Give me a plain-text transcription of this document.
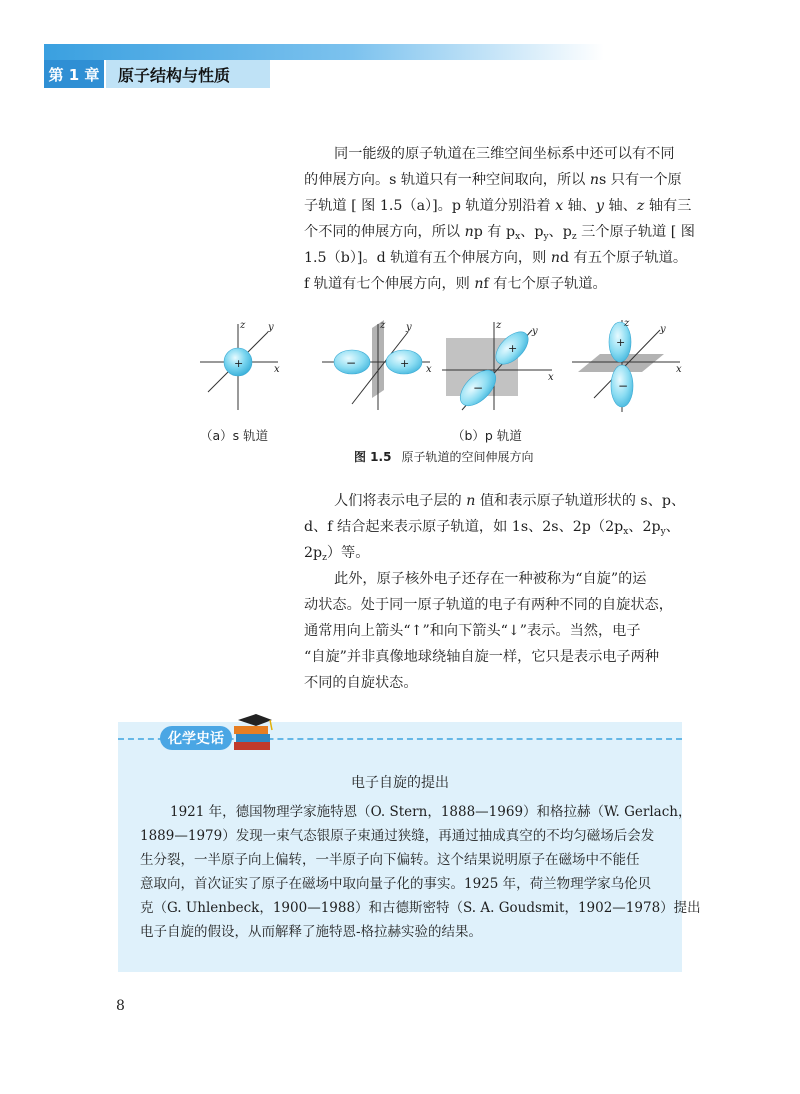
第 1 章	原子结构与性质
同一能级的原子轨道在三维空间坐标系中还可以有不同
的伸展方向。s 轨道只有一种空间取向，所以 ns 只有一个原
子轨道 [ 图 1.5（a）]。p 轨道分别沿着 x 轴、y 轴、z 轴有三
个不同的伸展方向，所以 np 有 $p_x$、$p_y$、$p_z$ 三个原子轨道 [ 图
1.5（b）]。d 轨道有五个伸展方向，则 nd 有五个原子轨道。
f 轨道有七个伸展方向，则 nf 有七个原子轨道。
+
z y
x	−	+
z y
x
+
−
z
y
x
+
−
z
y
x
（a）s 轨道	（b）p 轨道
图 1.5 原子轨道的空间伸展方向
人们将表示电子层的 n 值和表示原子轨道形状的 s、p、
d、f 结合起来表示原子轨道，如 1s、2s、$2p(2p_x$、$2p_y$、
$2p_z$）等。
此外，原子核外电子还存在一种被称为“自旋”的运
动状态。处于同一原子轨道的电子有两种不同的自旋状态，
通常用向上箭头“↑”和向下箭头“↓”表示。当然，电子
“自旋”并非真像地球绕轴自旋一样，它只是表示电子两种
不同的自旋状态。
化学史话
电子自旋的提出
1921 年，德国物理学家施特恩（O. Stern，1888—1969）和格拉赫（W. Gerlach，
1889—1979）发现一束气态银原子束通过狭缝，再通过抽成真空的不均匀磁场后会发
生分裂，一半原子向上偏转，一半原子向下偏转。这个结果说明原子在磁场中不能任
意取向，首次证实了原子在磁场中取向量子化的事实。1925 年，荷兰物理学家乌伦贝
克（G. Uhlenbeck，1900—1988）和古德斯密特（S. A. Goudsmit，1902—1978）提出
电子自旋的假设，从而解释了施特恩-格拉赫实验的结果。
8
